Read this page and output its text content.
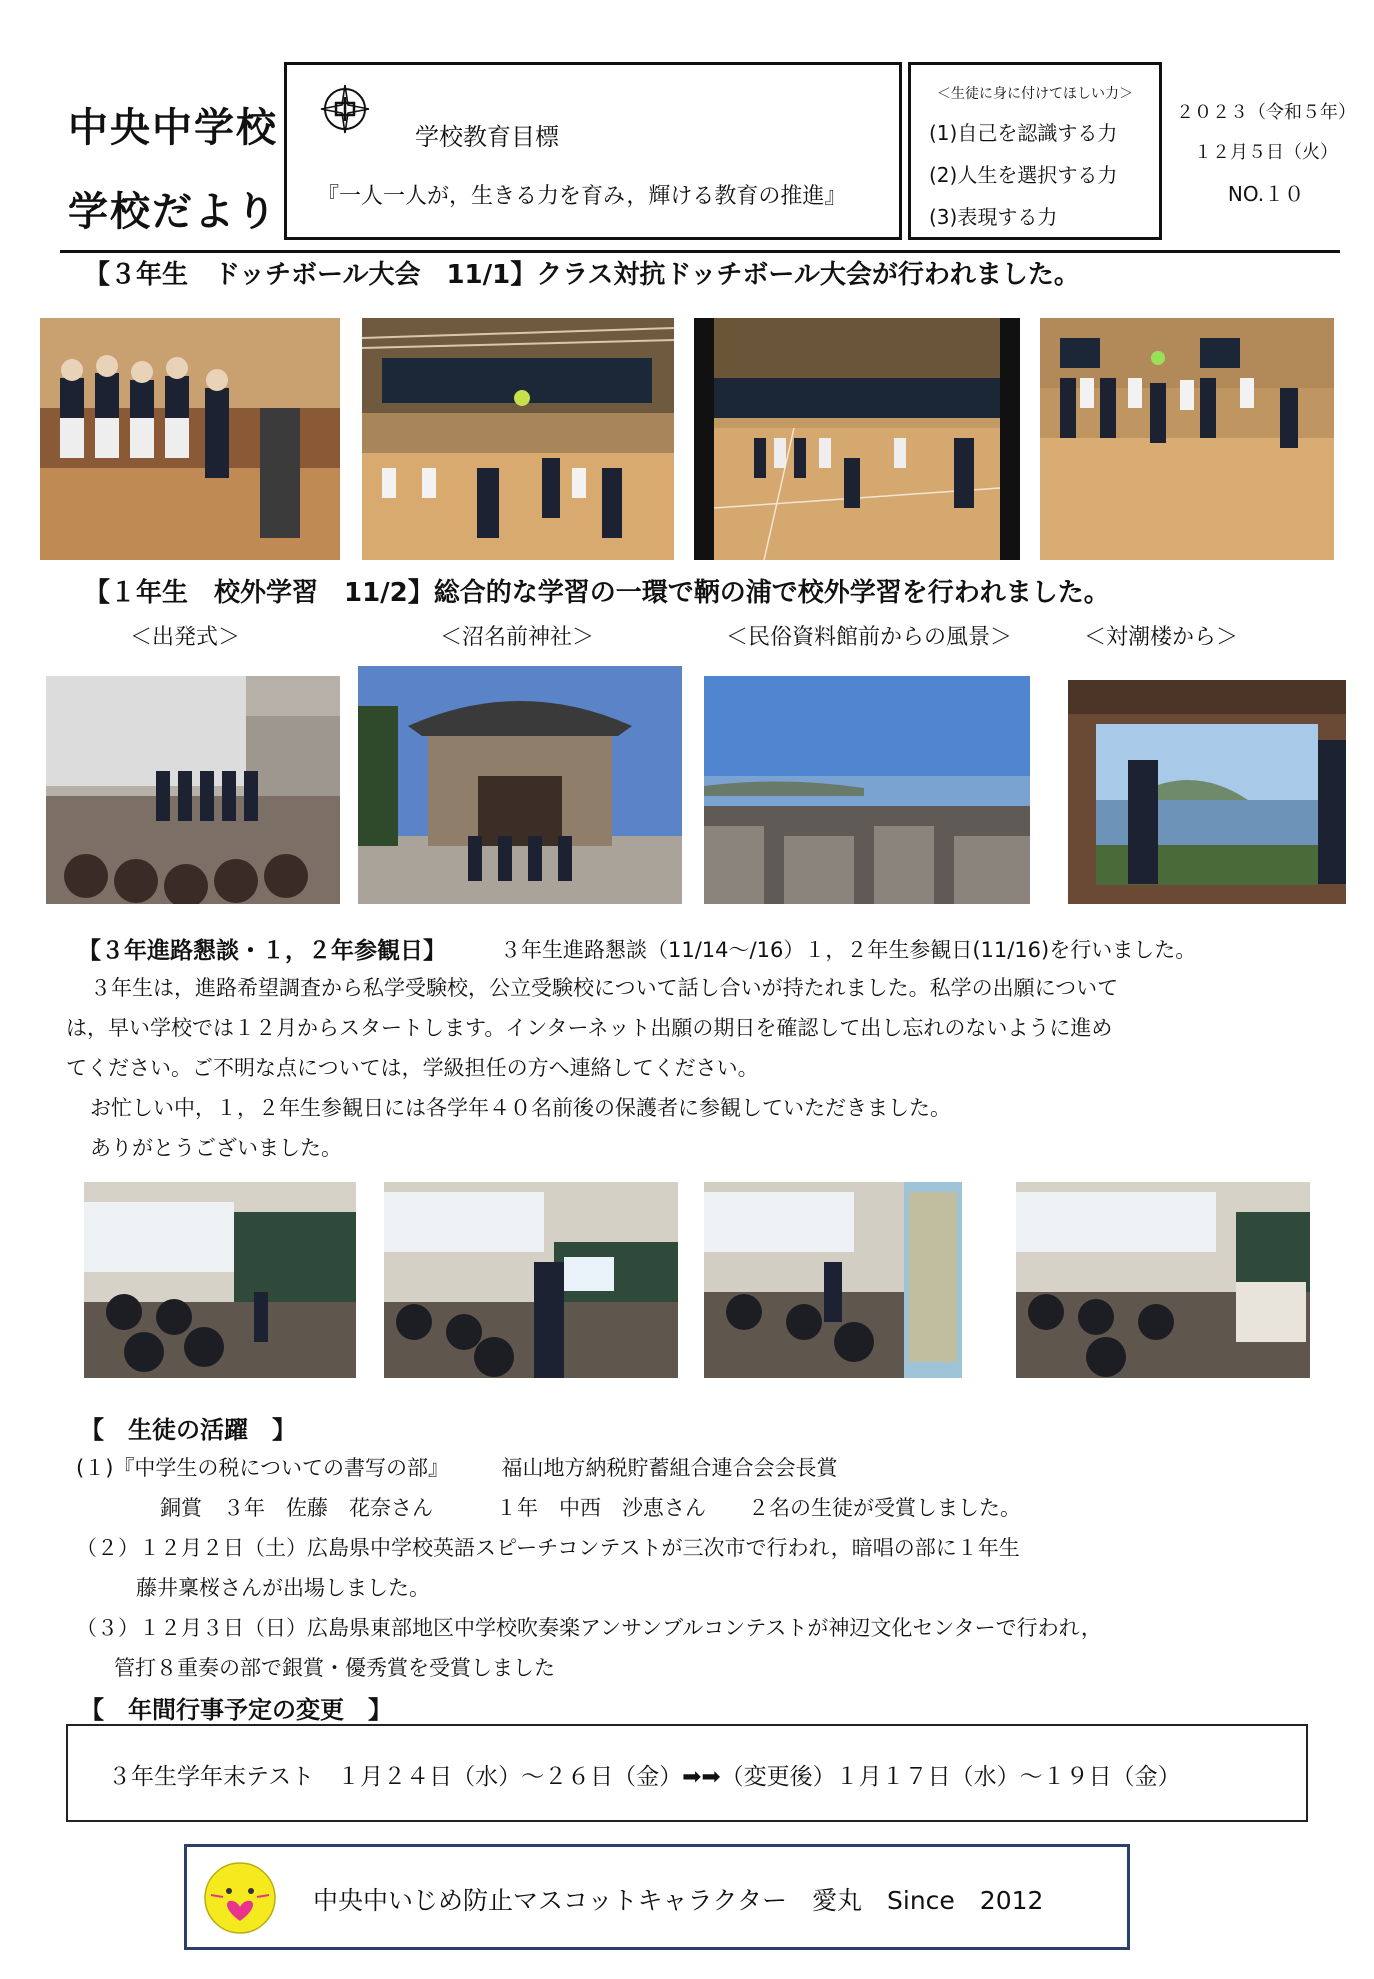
中央中学校
学校だより
学校教育目標
『一人一人が，生きる力を育み，輝ける教育の推進』
＜生徒に身に付けてほしい力＞
(1)自己を認識する力
(2)人生を選択する力
(3)表現する力
２０２３（令和５年）
１２月５日（火）
NO.１０
【３年生　ドッチボール大会　11/1】クラス対抗ドッチボール大会が行われました。
【１年生　校外学習　11/2】総合的な学習の一環で鞆の浦で校外学習を行われました。
＜出発式＞	＜沼名前神社＞	＜民俗資料館前からの風景＞	＜対潮楼から＞
【３年進路懇談・１，２年参観日】	３年生進路懇談（11/14～/16）１，２年生参観日(11/16)を行いました。
３年生は，進路希望調査から私学受験校，公立受験校について話し合いが持たれました。私学の出願について
は，早い学校では１２月からスタートします。インターネット出願の期日を確認して出し忘れのないように進め
てください。ご不明な点については，学級担任の方へ連絡してください。
お忙しい中，１，２年生参観日には各学年４０名前後の保護者に参観していただきました。
ありがとうございました。
【　生徒の活躍　】
(１)『中学生の税についての書写の部』　　　福山地方納税貯蓄組合連合会会長賞
銅賞　３年　佐藤　花奈さん　　　１年　中西　沙恵さん　　２名の生徒が受賞しました。
（２）１２月２日（土）広島県中学校英語スピーチコンテストが三次市で行われ，暗唱の部に１年生
藤井稟桜さんが出場しました。
（３）１２月３日（日）広島県東部地区中学校吹奏楽アンサンブルコンテストが神辺文化センターで行われ，
管打８重奏の部で銀賞・優秀賞を受賞しました
【　年間行事予定の変更　】
３年生学年末テスト　１月２４日（水）～２６日（金）➡➡（変更後）１月１７日（水）～１９日（金）
中央中いじめ防止マスコットキャラクター　愛丸　Since　2012
